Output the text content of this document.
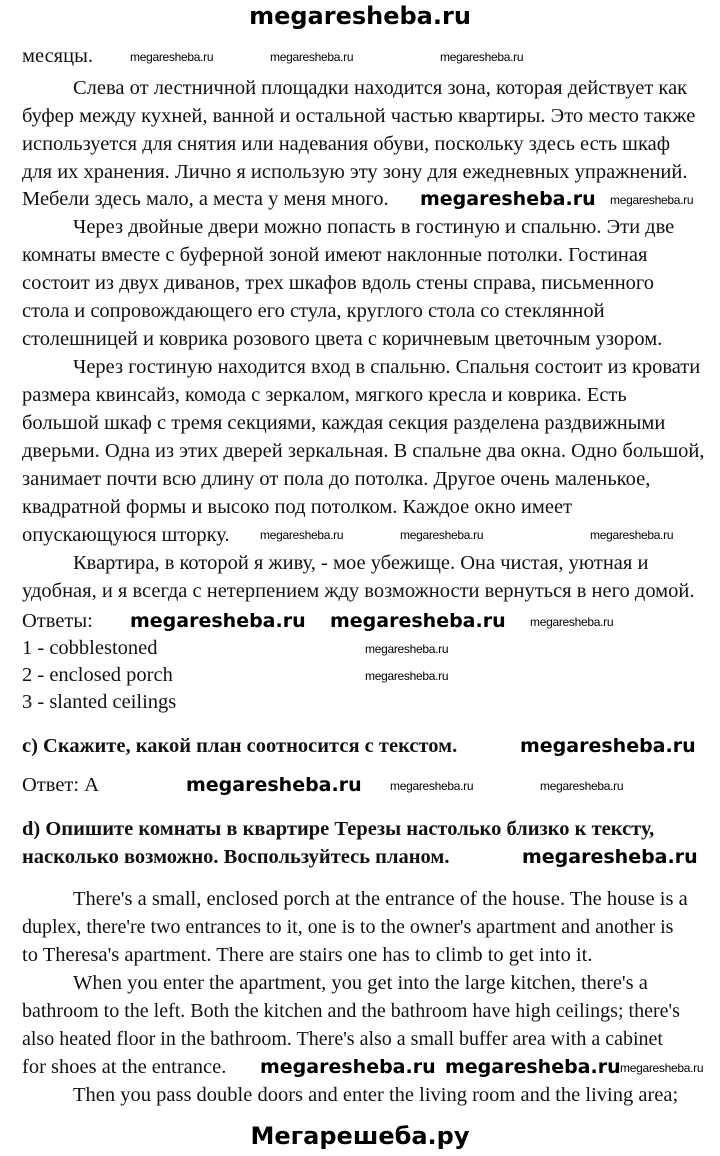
megaresheba.ru
месяцы.
Слева от лестничной площадки находится зона, которая действует как
буфер между кухней, ванной и остальной частью квартиры. Это место также
используется для снятия или надевания обуви, поскольку здесь есть шкаф
для их хранения. Лично я использую эту зону для ежедневных упражнений.
Мебели здесь мало, а места у меня много.
Через двойные двери можно попасть в гостиную и спальню. Эти две
комнаты вместе с буферной зоной имеют наклонные потолки. Гостиная
состоит из двух диванов, трех шкафов вдоль стены справа, письменного
стола и сопровождающего его стула, круглого стола со стеклянной
столешницей и коврика розового цвета с коричневым цветочным узором.
Через гостиную находится вход в спальню. Спальня состоит из кровати
размера квинсайз, комода с зеркалом, мягкого кресла и коврика. Есть
большой шкаф с тремя секциями, каждая секция разделена раздвижными
дверьми. Одна из этих дверей зеркальная. В спальне два окна. Одно большой,
занимает почти всю длину от пола до потолка. Другое очень маленькое,
квадратной формы и высоко под потолком. Каждое окно имеет
опускающуюся шторку.
Квартира, в которой я живу, - мое убежище. Она чистая, уютная и
удобная, и я всегда с нетерпением жду возможности вернуться в него домой.
Ответы:
1 - cobblestoned
2 - enclosed porch
3 - slanted ceilings
c) Скажите, какой план соотносится с текстом.
Ответ: А
d) Опишите комнаты в квартире Терезы настолько близко к тексту,
насколько возможно. Воспользуйтесь планом.
There's a small, enclosed porch at the entrance of the house. The house is a
duplex, there're two entrances to it, one is to the owner's apartment and another is
to Theresa's apartment. There are stairs one has to climb to get into it.
When you enter the apartment, you get into the large kitchen, there's a
bathroom to the left. Both the kitchen and the bathroom have high ceilings; there's
also heated floor in the bathroom. There's also a small buffer area with a cabinet
for shoes at the entrance.
Then you pass double doors and enter the living room and the living area;
megaresheba.ru	megaresheba.ru	megaresheba.ru
megaresheba.ru
megaresheba.ru	megaresheba.ru	megaresheba.ru
megaresheba.ru
megaresheba.ru
megaresheba.ru	megaresheba.ru
megaresheba.ru
megaresheba.ru
megaresheba.ru
megaresheba.ru megaresheba.ru
megaresheba.ru
megaresheba.ru
megaresheba.ru
megaresheba.ru megaresheba.ru
Мегарешеба.ру
